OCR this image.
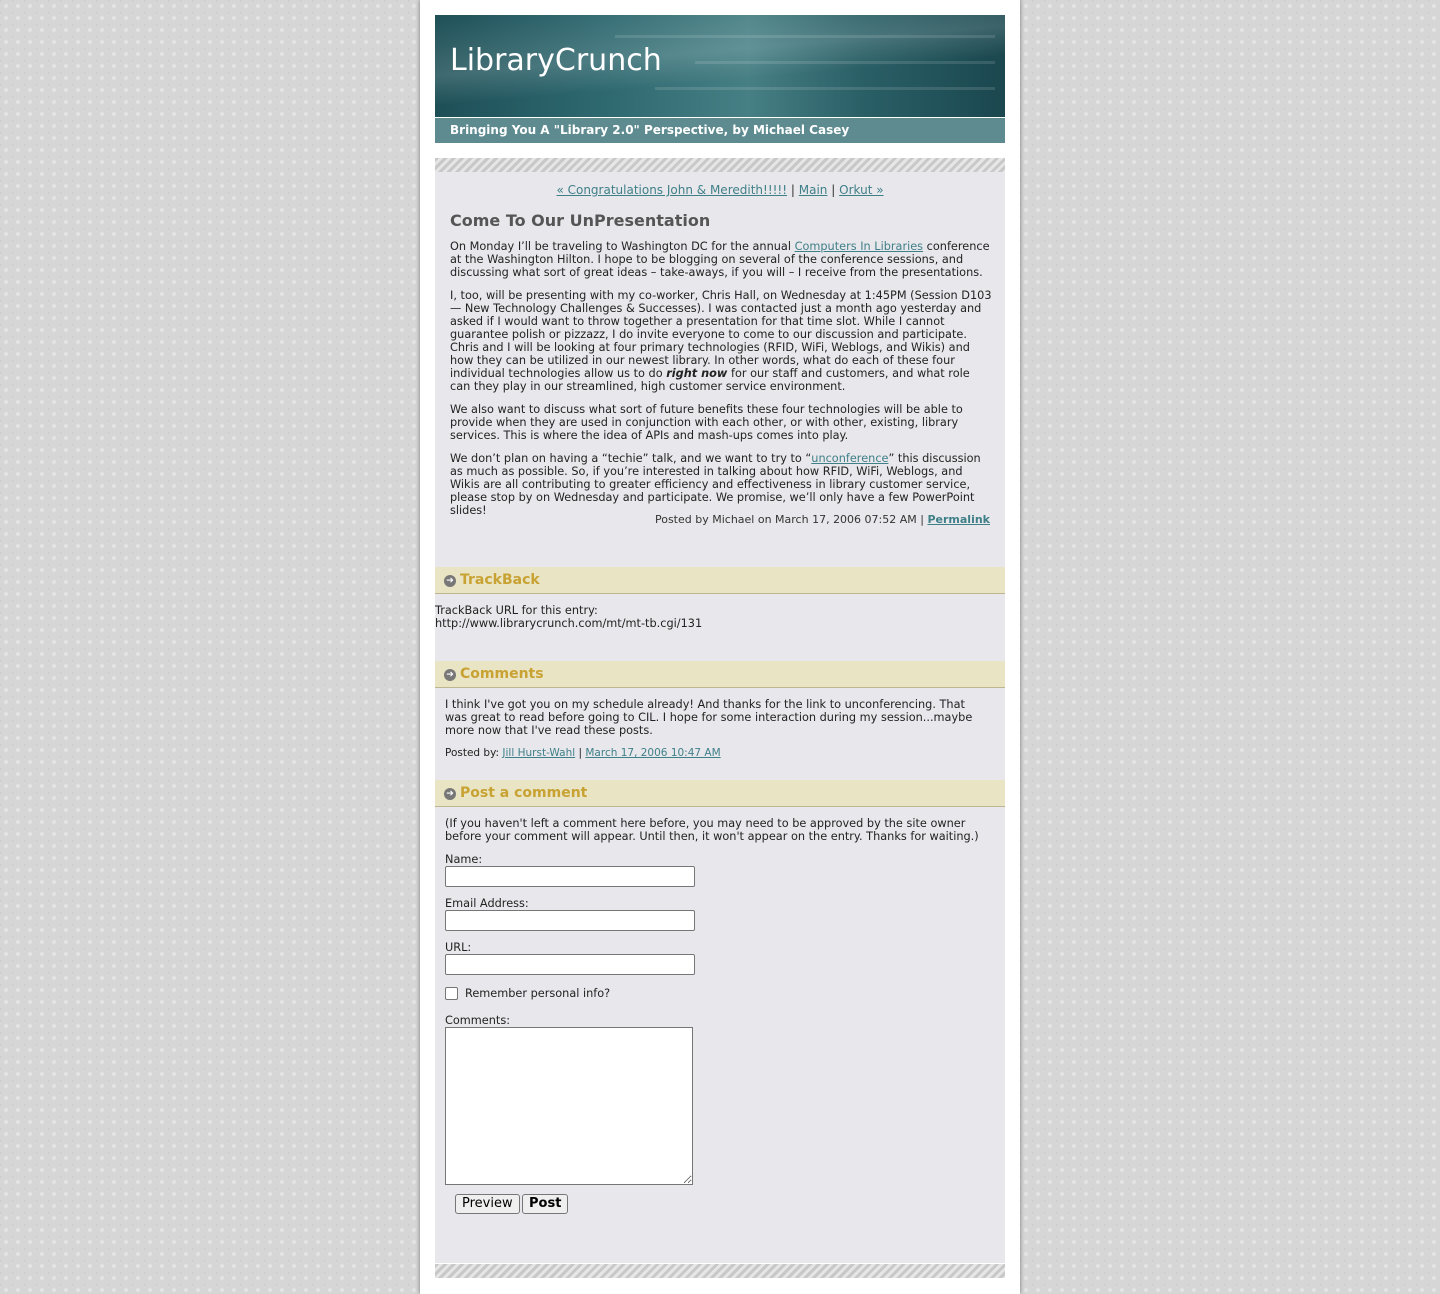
LibraryCrunch
Bringing You A "Library 2.0" Perspective, by Michael Casey
« Congratulations John & Meredith!!!!! | Main | Orkut »
Come To Our UnPresentation

On Monday I’ll be traveling to Washington DC for the annual Computers In Libraries conference at the Washington Hilton. I hope to be blogging on several of the conference sessions, and discussing what sort of great ideas – take-aways, if you will – I receive from the presentations.

I, too, will be presenting with my co-worker, Chris Hall, on Wednesday at 1:45PM (Session D103 — New Technology Challenges & Successes). I was contacted just a month ago yesterday and asked if I would want to throw together a presentation for that time slot. While I cannot guarantee polish or pizzazz, I do invite everyone to come to our discussion and participate. Chris and I will be looking at four primary technologies (RFID, WiFi, Weblogs, and Wikis) and how they can be utilized in our newest library. In other words, what do each of these four individual technologies allow us to do right now for our staff and customers, and what role can they play in our streamlined, high customer service environment.

We also want to discuss what sort of future benefits these four technologies will be able to provide when they are used in conjunction with each other, or with other, existing, library services. This is where the idea of APIs and mash-ups comes into play.

We don’t plan on having a “techie” talk, and we want to try to “unconference” this discussion as much as possible. So, if you’re interested in talking about how RFID, WiFi, Weblogs, and Wikis are all contributing to greater efficiency and effectiveness in library customer service, please stop by on Wednesday and participate. We promise, we’ll only have a few PowerPoint slides!

Posted by Michael on March 17, 2006 07:52 AM | Permalink
➔ TrackBack
TrackBack URL for this entry:
http://www.librarycrunch.com/mt/mt-tb.cgi/131
➔ Comments
I think I've got you on my schedule already! And thanks for the link to unconferencing. That was great to read before going to CIL. I hope for some interaction during my session...maybe more now that I've read these posts.
Posted by: Jill Hurst-Wahl | March 17, 2006 10:47 AM
➔ Post a comment
(If you haven't left a comment here before, you may need to be approved by the site owner before your comment will appear. Until then, it won't appear on the entry. Thanks for waiting.)
Name:
Email Address:
URL:
Remember personal info?
Comments:
Preview	Post
